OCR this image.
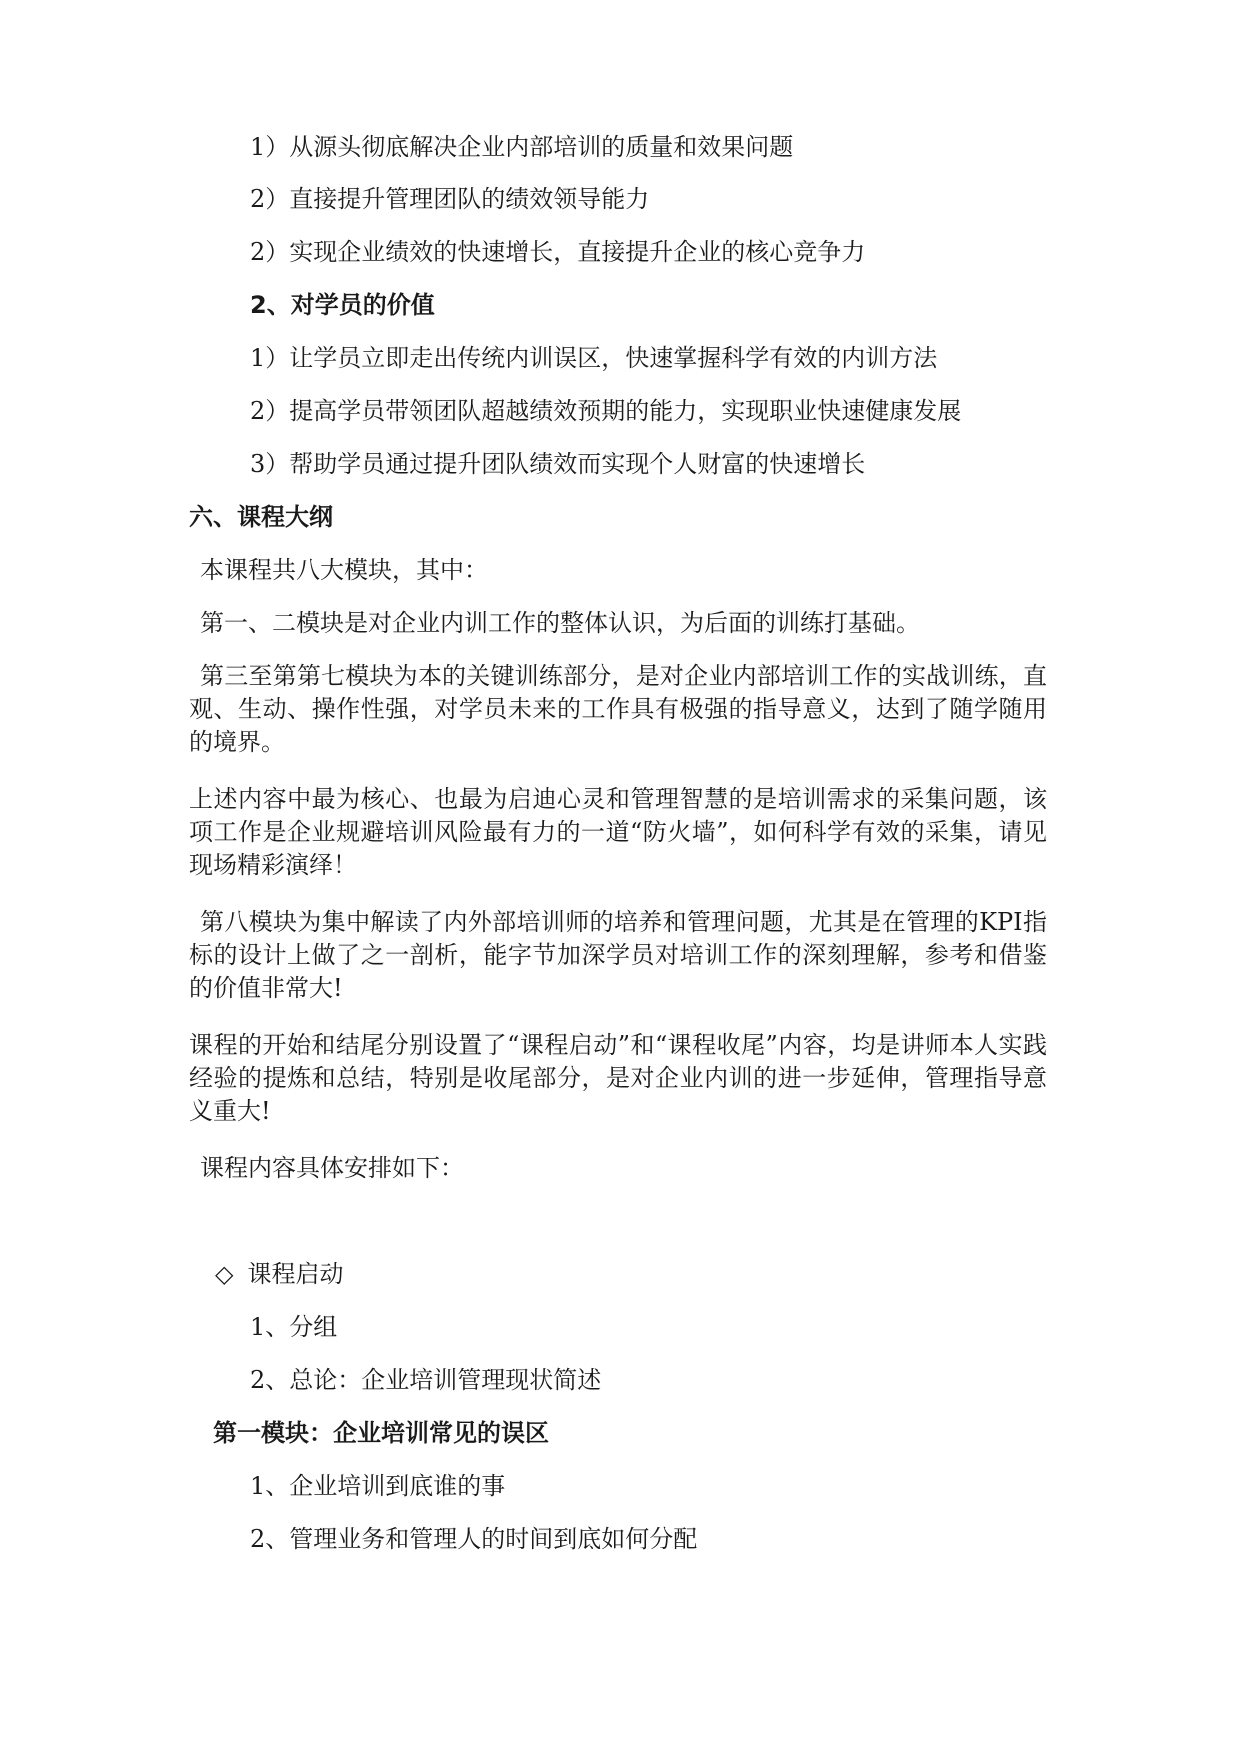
1）从源头彻底解决企业内部培训的质量和效果问题
2）直接提升管理团队的绩效领导能力
2）实现企业绩效的快速增长，直接提升企业的核心竞争力
2、对学员的价值
1）让学员立即走出传统内训误区，快速掌握科学有效的内训方法
2）提高学员带领团队超越绩效预期的能力，实现职业快速健康发展
3）帮助学员通过提升团队绩效而实现个人财富的快速增长
六、课程大纲
本课程共八大模块，其中：
第一、二模块是对企业内训工作的整体认识，为后面的训练打基础。
第三至第第七模块为本的关键训练部分，是对企业内部培训工作的实战训练，直观、生动、操作性强，对学员未来的工作具有极强的指导意义，达到了随学随用的境界。
上述内容中最为核心、也最为启迪心灵和管理智慧的是培训需求的采集问题，该项工作是企业规避培训风险最有力的一道“防火墙”，如何科学有效的采集，请见现场精彩演绎！
第八模块为集中解读了内外部培训师的培养和管理问题，尤其是在管理的KPI指标的设计上做了之一剖析，能字节加深学员对培训工作的深刻理解，参考和借鉴的价值非常大!
课程的开始和结尾分别设置了“课程启动”和“课程收尾”内容，均是讲师本人实践经验的提炼和总结，特别是收尾部分，是对企业内训的进一步延伸，管理指导意义重大!
课程内容具体安排如下：
◇ 课程启动
1、分组
2、总论：企业培训管理现状简述
第一模块：企业培训常见的误区
1、企业培训到底谁的事
2、管理业务和管理人的时间到底如何分配
